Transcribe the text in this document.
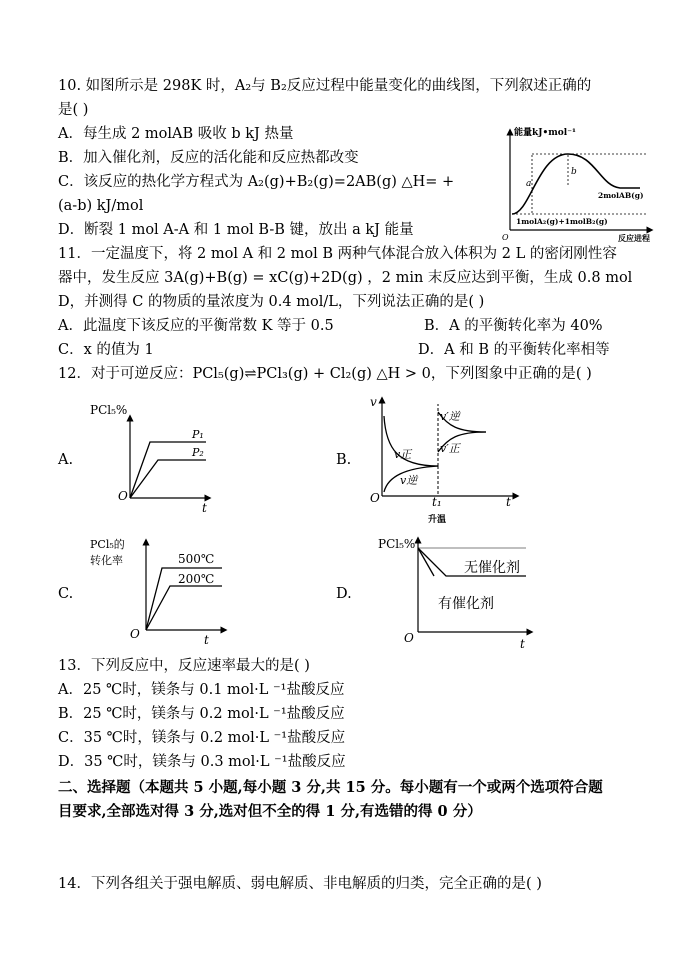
10. 如图所示是 298K 时，A₂与 B₂反应过程中能量变化的曲线图，下列叙述正确的
是( )
A．每生成 2 molAB 吸收 b kJ 热量
B．加入催化剂，反应的活化能和反应热都改变
C．该反应的热化学方程式为 A₂(g)+B₂(g)=2AB(g) △H= +
(a-b) kJ/mol
D．断裂 1 mol A-A 和 1 mol B-B 键，放出 a kJ 能量
能量kJ•mol⁻¹
a
b
2molAB(g)
1molA₂(g)+1molB₂(g)
O	反应进程
11．一定温度下，将 2 mol A 和 2 mol B 两种气体混合放入体积为 2 L 的密闭刚性容
器中，发生反应 3A(g)+B(g) = xC(g)+2D(g) ，2 min 末反应达到平衡，生成 0.8 mol
D，并测得 C 的物质的量浓度为 0.4 mol/L，下列说法正确的是( )
A．此温度下该反应的平衡常数 K 等于 0.5	B．A 的平衡转化率为 40%
C．x 的值为 1	D．A 和 B 的平衡转化率相等
12．对于可逆反应：PCl₅(g)⇌PCl₃(g) + Cl₂(g) △H > 0，下列图象中正确的是( )
A.
PCl₅%
P₁
P₂
O
t
B.
v
v′逆
v′正
v正
v逆
O	t₁	t
升温
C.
PCl₅的
转化率	500℃
200℃
O	t
D.
PCl₅%
无催化剂
有催化剂
O	t
13．下列反应中，反应速率最大的是( )
A．25 ℃时，镁条与 0.1 mol·L ⁻¹盐酸反应
B．25 ℃时，镁条与 0.2 mol·L ⁻¹盐酸反应
C．35 ℃时，镁条与 0.2 mol·L ⁻¹盐酸反应
D．35 ℃时，镁条与 0.3 mol·L ⁻¹盐酸反应
二、选择题（本题共 5 小题,每小题 3 分,共 15 分。每小题有一个或两个选项符合题
目要求,全部选对得 3 分,选对但不全的得 1 分,有选错的得 0 分）
14．下列各组关于强电解质、弱电解质、非电解质的归类，完全正确的是( )
